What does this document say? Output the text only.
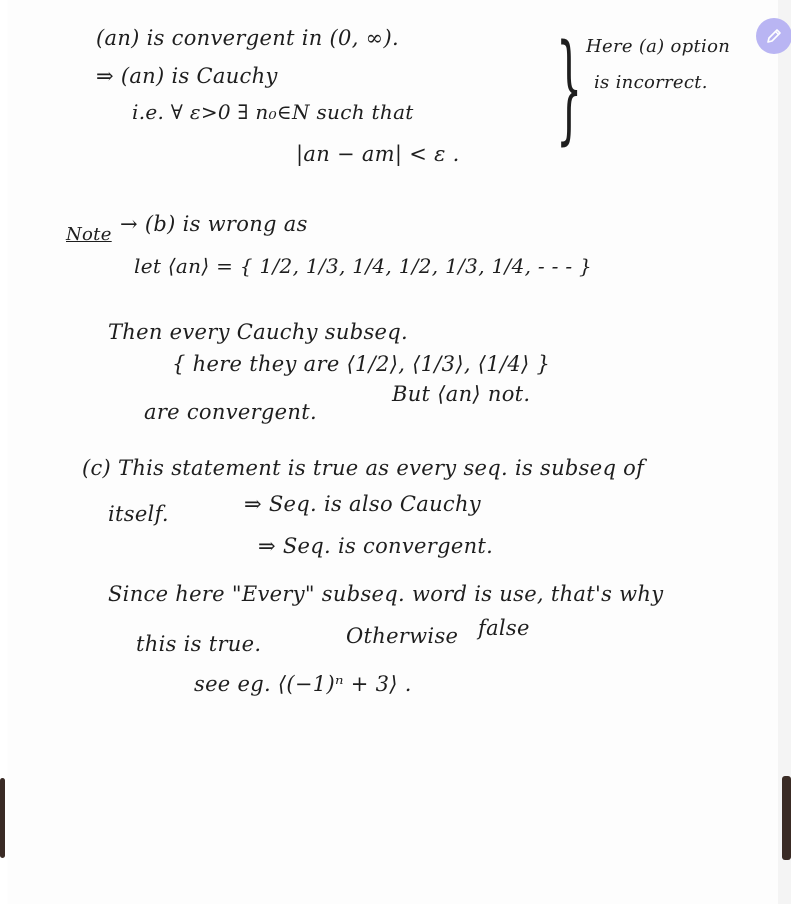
(an) is convergent in (0, ∞).
⇒ (an) is Cauchy
i.e. ∀ ε>0 ∃ n₀∈N such that
|an − am| < ε . } Here (a) option
is incorrect.
Note → (b) is wrong as
let ⟨an⟩ = { 1/2, 1/3, 1/4, 1/2, 1/3, 1/4, - - - }
Then every Cauchy subseq.
{ here they are ⟨1/2⟩, ⟨1/3⟩, ⟨1/4⟩ }
are convergent.
But ⟨an⟩ not.
(c) This statement is true as every seq. is subseq of
itself.	⇒ Seq. is also Cauchy
⇒ Seq. is convergent.
Since here "Every" subseq. word is use, that's why
this is true.	Otherwise false
see eg. ⟨(−1)ⁿ + 3⟩ .
